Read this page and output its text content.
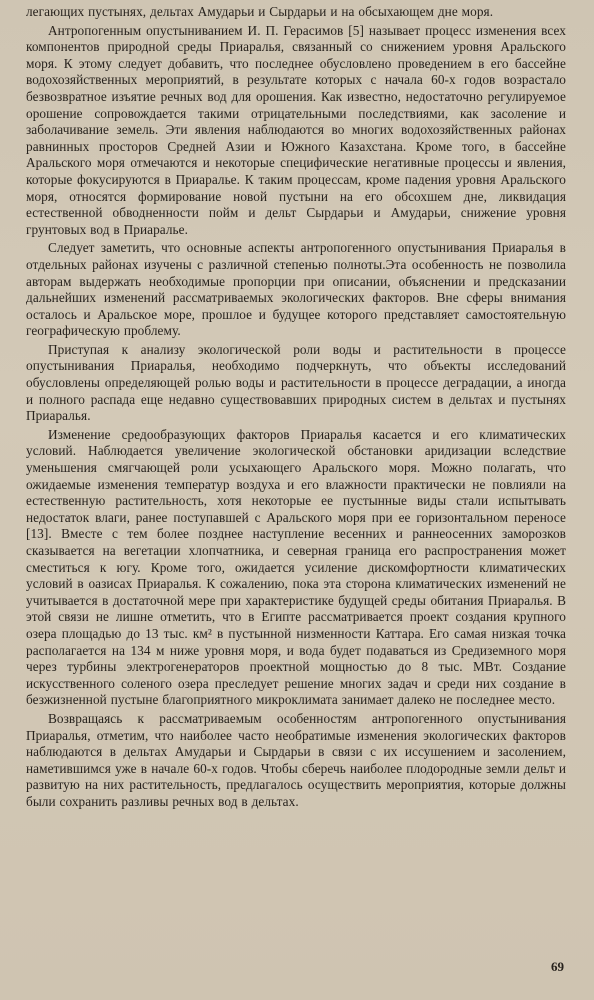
легающих пустынях, дельтах Амударьи и Сырдарьи и на обсыхающем дне моря.

Антропогенным опустыниванием И. П. Герасимов [5] называет процесс изменения всех компонентов природной среды Приаралья, связанный со снижением уровня Аральского моря. К этому следует добавить, что последнее обусловлено проведением в его бассейне водохозяйственных мероприятий, в результате которых с начала 60-х годов возрастало безвозвратное изъятие речных вод для орошения. Как известно, недостаточно регулируемое орошение сопровождается такими отрицательными последствиями, как засоление и заболачивание земель. Эти явления наблюдаются во многих водохозяйственных районах равнинных просторов Средней Азии и Южного Казахстана. Кроме того, в бассейне Аральского моря отмечаются и некоторые специфические негативные процессы и явления, которые фокусируются в Приаралье. К таким процессам, кроме падения уровня Аральского моря, относятся формирование новой пустыни на его обсохшем дне, ликвидация естественной обводненности пойм и дельт Сырдарьи и Амударьи, снижение уровня грунтовых вод в Приаралье.

Следует заметить, что основные аспекты антропогенного опустынивания Приаралья в отдельных районах изучены с различной степенью полноты.Эта особенность не позволила авторам выдержать необходимые пропорции при описании, объяснении и предсказании дальнейших изменений рассматриваемых экологических факторов. Вне сферы внимания осталось и Аральское море, прошлое и будущее которого представляет самостоятельную географическую проблему.

Приступая к анализу экологической роли воды и растительности в процессе опустынивания Приаралья, необходимо подчеркнуть, что объекты исследований обусловлены определяющей ролью воды и растительности в процессе деградации, а иногда и полного распада еще недавно существовавших природных систем в дельтах и пустынях Приаралья.

Изменение средообразующих факторов Приаралья касается и его климатических условий. Наблюдается увеличение экологической обстановки аридизации вследствие уменьшения смягчающей роли усыхающего Аральского моря. Можно полагать, что ожидаемые изменения температур воздуха и его влажности практически не повлияли на естественную растительность, хотя некоторые ее пустынные виды стали испытывать недостаток влаги, ранее поступавшей с Аральского моря при ее горизонтальном переносе [13]. Вместе с тем более позднее наступление весенних и раннеосенних заморозков сказывается на вегетации хлопчатника, и северная граница его распространения может сместиться к югу. Кроме того, ожидается усиление дискомфортности климатических условий в оазисах Приаралья. К сожалению, пока эта сторона климатических изменений не учитывается в достаточной мере при характеристике будущей среды обитания Приаралья. В этой связи не лишне отметить, что в Египте рассматривается проект создания крупного озера площадью до 13 тыс. км² в пустынной низменности Каттара. Его самая низкая точка располагается на 134 м ниже уровня моря, и вода будет подаваться из Средиземного моря через турбины электрогенераторов проектной мощностью до 8 тыс. МВт. Создание искусственного соленого озера преследует решение многих задач и среди них создание в безжизненной пустыне благоприятного микроклимата занимает далеко не последнее место.

Возвращаясь к рассматриваемым особенностям антропогенного опустынивания Приаралья, отметим, что наиболее часто необратимые изменения экологических факторов наблюдаются в дельтах Амударьи и Сырдарьи в связи с их иссушением и засолением, наметившимся уже в начале 60-х годов. Чтобы сберечь наиболее плодородные земли дельт и развитую на них растительность, предлагалось осуществить мероприятия, которые должны были сохранить разливы речных вод в дельтах.

69
